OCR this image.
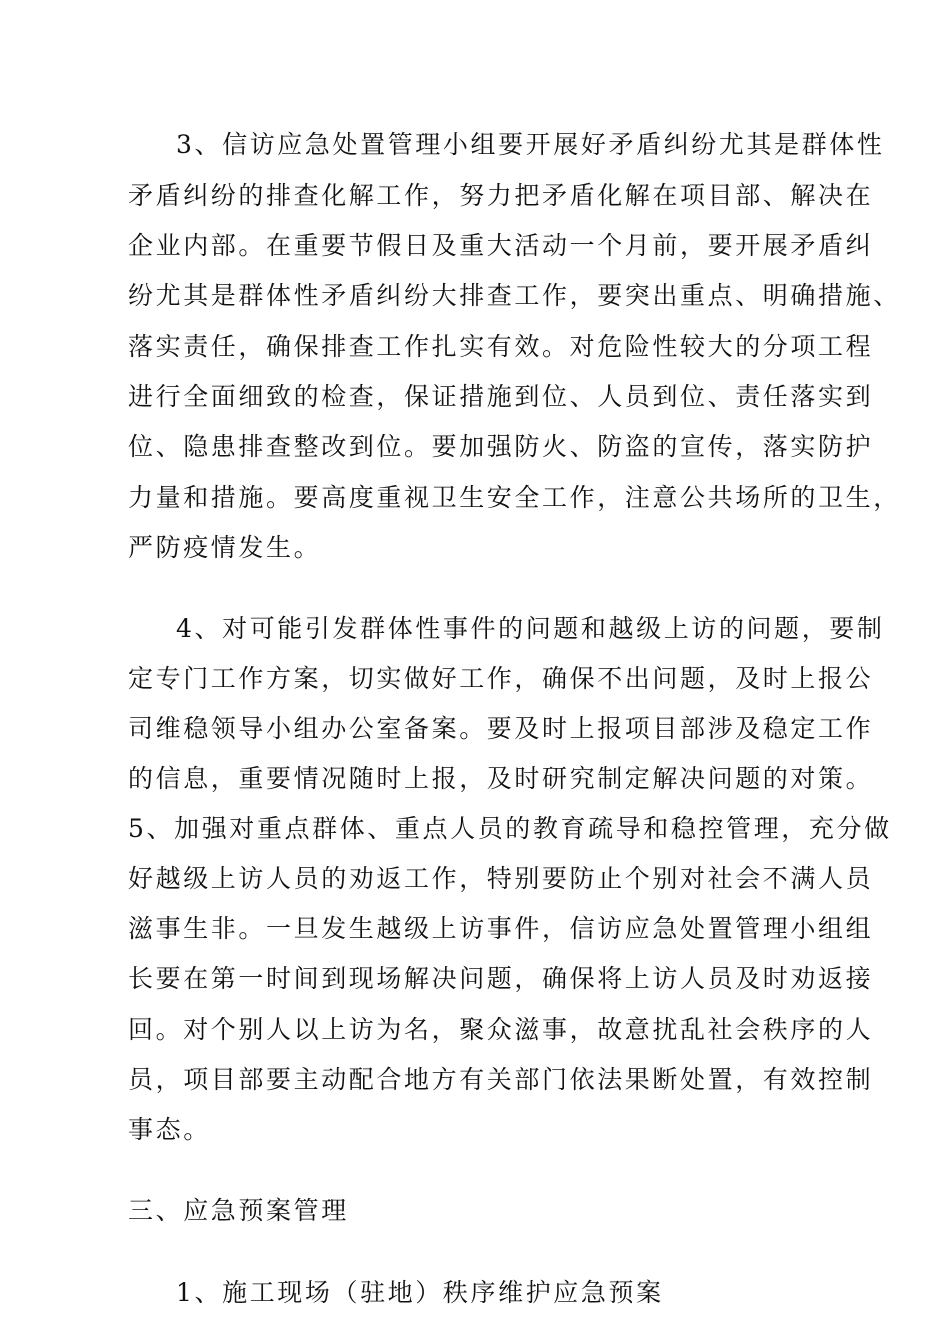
3、信访应急处置管理小组要开展好矛盾纠纷尤其是群体性
矛盾纠纷的排查化解工作，努力把矛盾化解在项目部、解决在
企业内部。在重要节假日及重大活动一个月前，要开展矛盾纠
纷尤其是群体性矛盾纠纷大排查工作，要突出重点、明确措施、
落实责任，确保排查工作扎实有效。对危险性较大的分项工程
进行全面细致的检查，保证措施到位、人员到位、责任落实到
位、隐患排查整改到位。要加强防火、防盗的宣传，落实防护
力量和措施。要高度重视卫生安全工作，注意公共场所的卫生，
严防疫情发生。
4、对可能引发群体性事件的问题和越级上访的问题，要制
定专门工作方案，切实做好工作，确保不出问题，及时上报公
司维稳领导小组办公室备案。要及时上报项目部涉及稳定工作
的信息，重要情况随时上报，及时研究制定解决问题的对策。
5、加强对重点群体、重点人员的教育疏导和稳控管理，充分做
好越级上访人员的劝返工作，特别要防止个别对社会不满人员
滋事生非。一旦发生越级上访事件，信访应急处置管理小组组
长要在第一时间到现场解决问题，确保将上访人员及时劝返接
回。对个别人以上访为名，聚众滋事，故意扰乱社会秩序的人
员，项目部要主动配合地方有关部门依法果断处置，有效控制
事态。
三、应急预案管理
1、施工现场（驻地）秩序维护应急预案
